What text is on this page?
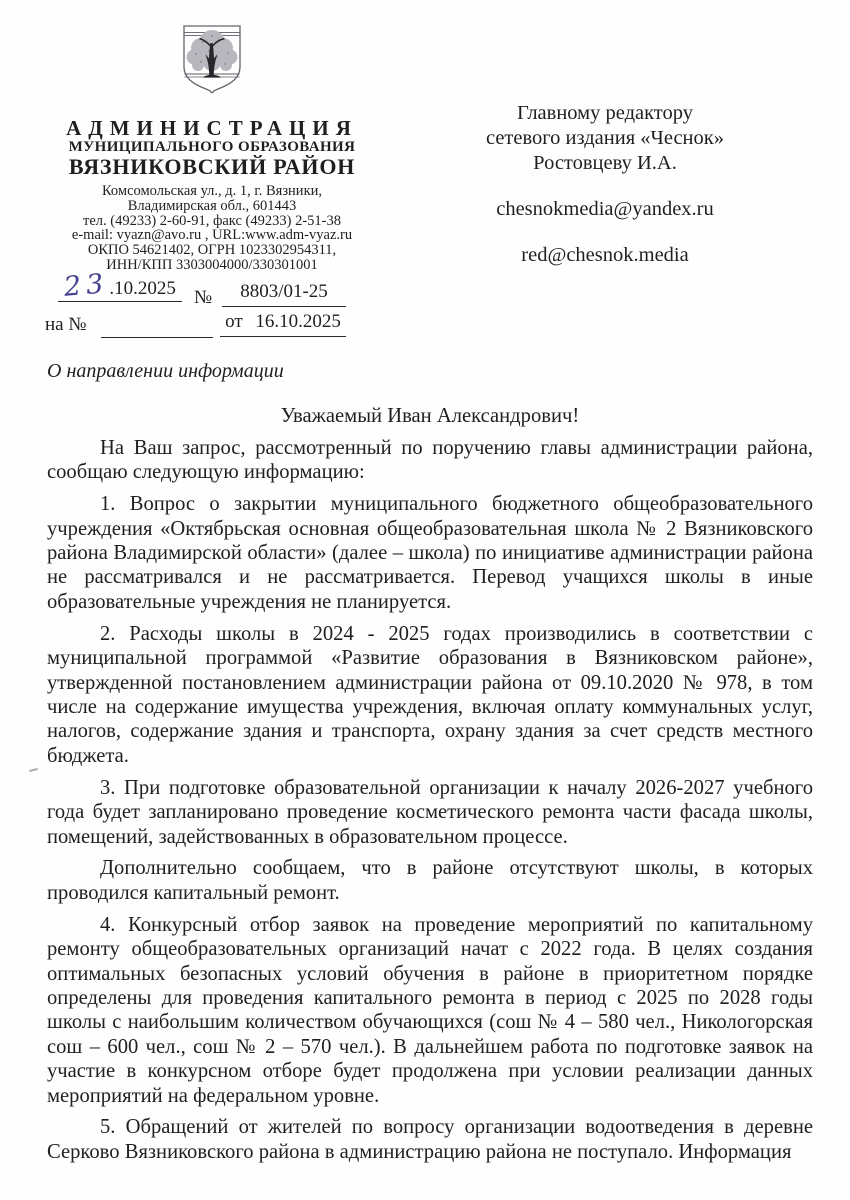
АДМИНИСТРАЦИЯ
МУНИЦИПАЛЬНОГО ОБРАЗОВАНИЯ
ВЯЗНИКОВСКИЙ РАЙОН
Комсомольская ул., д. 1, г. Вязники,
Владимирская обл., 601443
тел. (49233) 2-60-91, факс (49233) 2-51-38
e-mail: vyazn@avo.ru , URL:www.adm-vyaz.ru
ОКПО 54621402, ОГРН 1023302954311,
ИНН/КПП 3303004000/330301001
Главному редактору
сетевого издания «Чеснок»
Ростовцеву И.А.
chesnokmedia@yandex.ru
red@chesnok.media
23 .10.2025 №	8803/01-25
на №	от 16.10.2025
О направлении информации

Уважаемый Иван Александрович!

На Ваш запрос, рассмотренный по поручению главы администрации района, сообщаю следующую информацию:

1. Вопрос о закрытии муниципального бюджетного общеобразовательного учреждения «Октябрьская основная общеобразовательная школа № 2 Вязниковского района Владимирской области» (далее – школа) по инициативе администрации района не рассматривался и не рассматривается. Перевод учащихся школы в иные образовательные учреждения не планируется.

2. Расходы школы в 2024 - 2025 годах производились в соответствии с муниципальной программой «Развитие образования в Вязниковском районе», утвержденной постановлением администрации района от 09.10.2020 № 978, в том числе на содержание имущества учреждения, включая оплату коммунальных услуг, налогов, содержание здания и транспорта, охрану здания за счет средств местного бюджета.

3. При подготовке образовательной организации к началу 2026-2027 учебного года будет запланировано проведение косметического ремонта части фасада школы, помещений, задействованных в образовательном процессе.

Дополнительно сообщаем, что в районе отсутствуют школы, в которых проводился капитальный ремонт.

4. Конкурсный отбор заявок на проведение мероприятий по капитальному ремонту общеобразовательных организаций начат с 2022 года. В целях создания оптимальных безопасных условий обучения в районе в приоритетном порядке определены для проведения капитального ремонта в период с 2025 по 2028 годы школы с наибольшим количеством обучающихся (сош № 4 – 580 чел., Никологорская сош – 600 чел., сош № 2 – 570 чел.). В дальнейшем работа по подготовке заявок на участие в конкурсном отборе будет продолжена при условии реализации данных мероприятий на федеральном уровне.

5. Обращений от жителей по вопросу организации водоотведения в деревне Серково Вязниковского района в администрацию района не поступало. Информация
